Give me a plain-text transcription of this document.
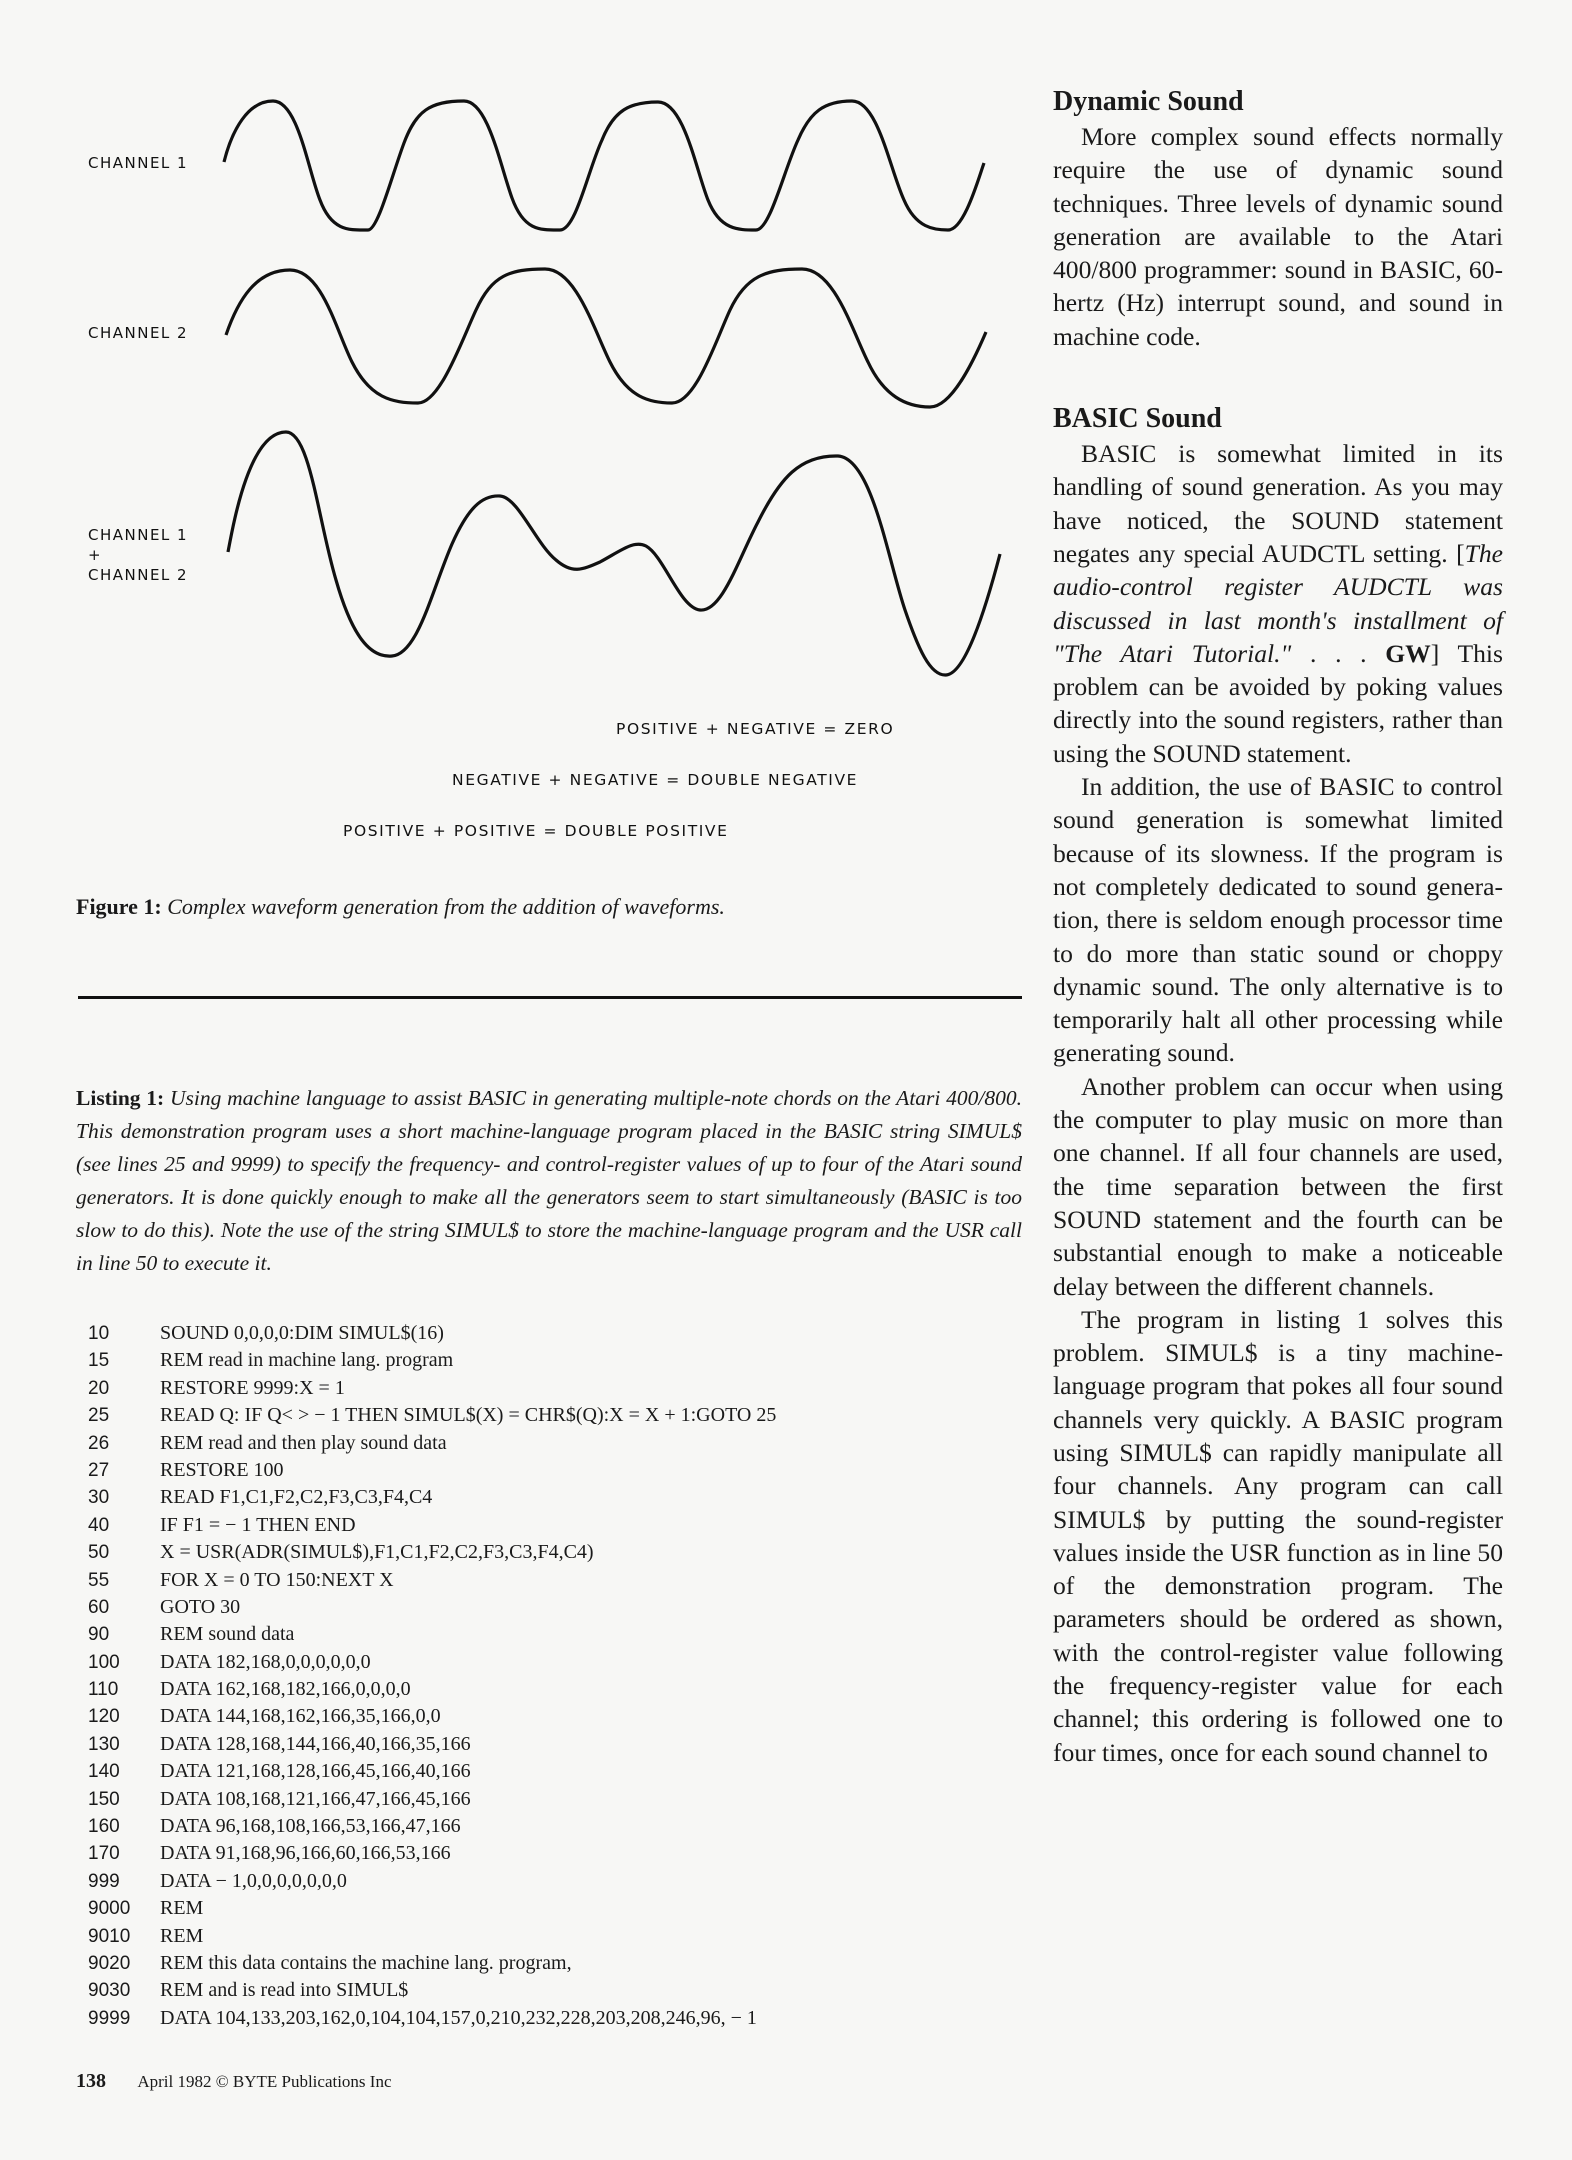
CHANNEL 1
CHANNEL 2
CHANNEL 1
+
CHANNEL 2
POSITIVE + NEGATIVE = ZERO
NEGATIVE + NEGATIVE = DOUBLE NEGATIVE
POSITIVE + POSITIVE = DOUBLE POSITIVE
Figure 1: Complex waveform generation from the addition of waveforms.
Listing 1: Using machine language to assist BASIC in generating multiple-note chords on the Atari 400/800. This demonstration program uses a short machine-language program placed in the BASIC string SIMUL$ (see lines 25 and 9999) to specify the frequency- and control-register values of up to four of the Atari sound generators. It is done quickly enough to make all the generators seem to start simultaneously (BASIC is too slow to do this). Note the use of the string SIMUL$ to store the machine-language program and the USR call in line 50 to execute it.
10	SOUND 0,0,0,0:DIM SIMUL$(16)
15	REM read in machine lang. program
20	RESTORE 9999:X = 1
25	READ Q: IF Q< > − 1 THEN SIMUL$(X) = CHR$(Q):X = X + 1:GOTO 25
26	REM read and then play sound data
27	RESTORE 100
30	READ F1,C1,F2,C2,F3,C3,F4,C4
40	IF F1 = − 1 THEN END
50	X = USR(ADR(SIMUL$),F1,C1,F2,C2,F3,C3,F4,C4)
55	FOR X = 0 TO 150:NEXT X
60	GOTO 30
90	REM sound data
100	DATA 182,168,0,0,0,0,0,0
110	DATA 162,168,182,166,0,0,0,0
120	DATA 144,168,162,166,35,166,0,0
130	DATA 128,168,144,166,40,166,35,166
140	DATA 121,168,128,166,45,166,40,166
150	DATA 108,168,121,166,47,166,45,166
160	DATA 96,168,108,166,53,166,47,166
170	DATA 91,168,96,166,60,166,53,166
999	DATA − 1,0,0,0,0,0,0,0
9000	REM
9010	REM
9020	REM this data contains the machine lang. program,
9030	REM and is read into SIMUL$
9999	DATA 104,133,203,162,0,104,104,157,0,210,232,228,203,208,246,96, − 1
138 April 1982 © BYTE Publications Inc
Dynamic Sound

More complex sound effects normally require the use of dynamic sound techniques. Three levels of dynamic sound generation are available to the Atari 400/800 programmer: sound in BASIC, 60-hertz (Hz) interrupt sound, and sound in machine code.

BASIC Sound

BASIC is somewhat limited in its handling of sound generation. As you may have noticed, the SOUND statement negates any special AUDCTL setting. [The audio-control register AUDCTL was discussed in last month's installment of "The Atari Tutorial." . . . GW] This problem can be avoided by poking values directly into the sound registers, rather than using the SOUND statement.

In addition, the use of BASIC to control sound generation is somewhat limited because of its slowness. If the program is not completely dedicated to sound generation, there is seldom enough processor time to do more than static sound or choppy dynamic sound. The only alternative is to temporarily halt all other processing while generating sound.

Another problem can occur when using the computer to play music on more than one channel. If all four channels are used, the time separation between the first SOUND statement and the fourth can be substantial enough to make a noticeable delay between the different channels.

The program in listing 1 solves this problem. SIMUL$ is a tiny machine-language program that pokes all four sound channels very quickly. A BASIC program using SIMUL$ can rapidly manipulate all four channels. Any program can call SIMUL$ by putting the sound-register values inside the USR function as in line 50 of the demonstration program. The parameters should be ordered as shown, with the control-register value following the frequency-register value for each channel; this ordering is followed one to four times, once for each sound channel to
